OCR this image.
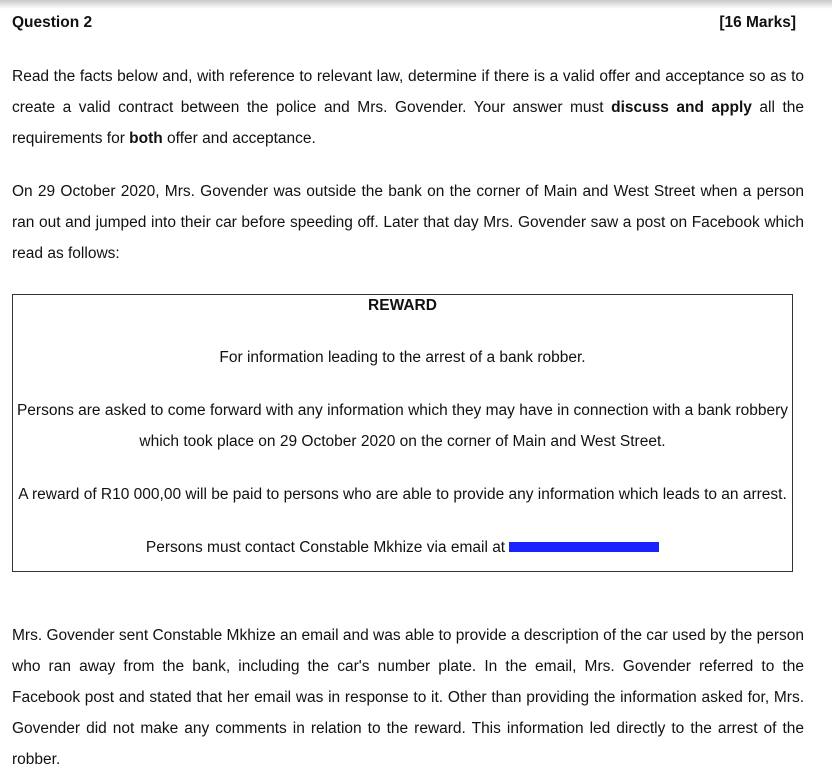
Question 2	[16 Marks]

Read the facts below and, with reference to relevant law, determine if there is a valid offer and acceptance so as to create a valid contract between the police and Mrs. Govender. Your answer must discuss and apply all the requirements for both offer and acceptance.

On 29 October 2020, Mrs. Govender was outside the bank on the corner of Main and West Street when a person ran out and jumped into their car before speeding off. Later that day Mrs. Govender saw a post on Facebook which read as follows:

REWARD
For information leading to the arrest of a bank robber.
Persons are asked to come forward with any information which they may have in connection with a bank robbery
which took place on 29 October 2020 on the corner of Main and West Street.
A reward of R10 000,00 will be paid to persons who are able to provide any information which leads to an arrest.
Persons must contact Constable Mkhize via email at

Mrs. Govender sent Constable Mkhize an email and was able to provide a description of the car used by the person who ran away from the bank, including the car's number plate. In the email, Mrs. Govender referred to the Facebook post and stated that her email was in response to it. Other than providing the information asked for, Mrs. Govender did not make any comments in relation to the reward. This information led directly to the arrest of the robber.
